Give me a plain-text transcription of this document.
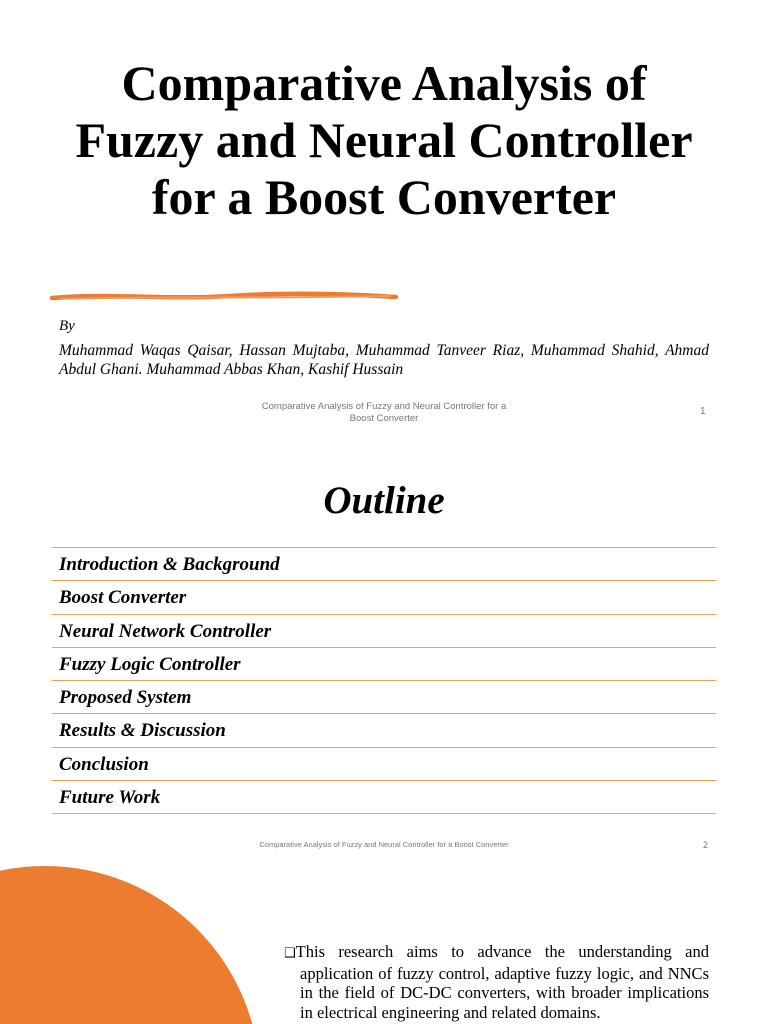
Comparative Analysis of Fuzzy and Neural Controller for a Boost Converter
By
Muhammad Waqas Qaisar, Hassan Mujtaba, Muhammad Tanveer Riaz, Muhammad Shahid, Ahmad Abdul Ghani. Muhammad Abbas Khan, Kashif Hussain
Comparative Analysis of Fuzzy and Neural Controller for a
Boost Converter
1
Outline
Introduction & Background
Boost Converter
Neural Network Controller
Fuzzy Logic Controller
Proposed System
Results & Discussion
Conclusion
Future Work
Comparative Analysis of Fuzzy and Neural Controller for a Boost Converter	2
❑This research aims to advance the understanding and application of fuzzy control, adaptive fuzzy logic, and NNCs in the field of DC-DC converters, with broader implications in electrical engineering and related domains.
